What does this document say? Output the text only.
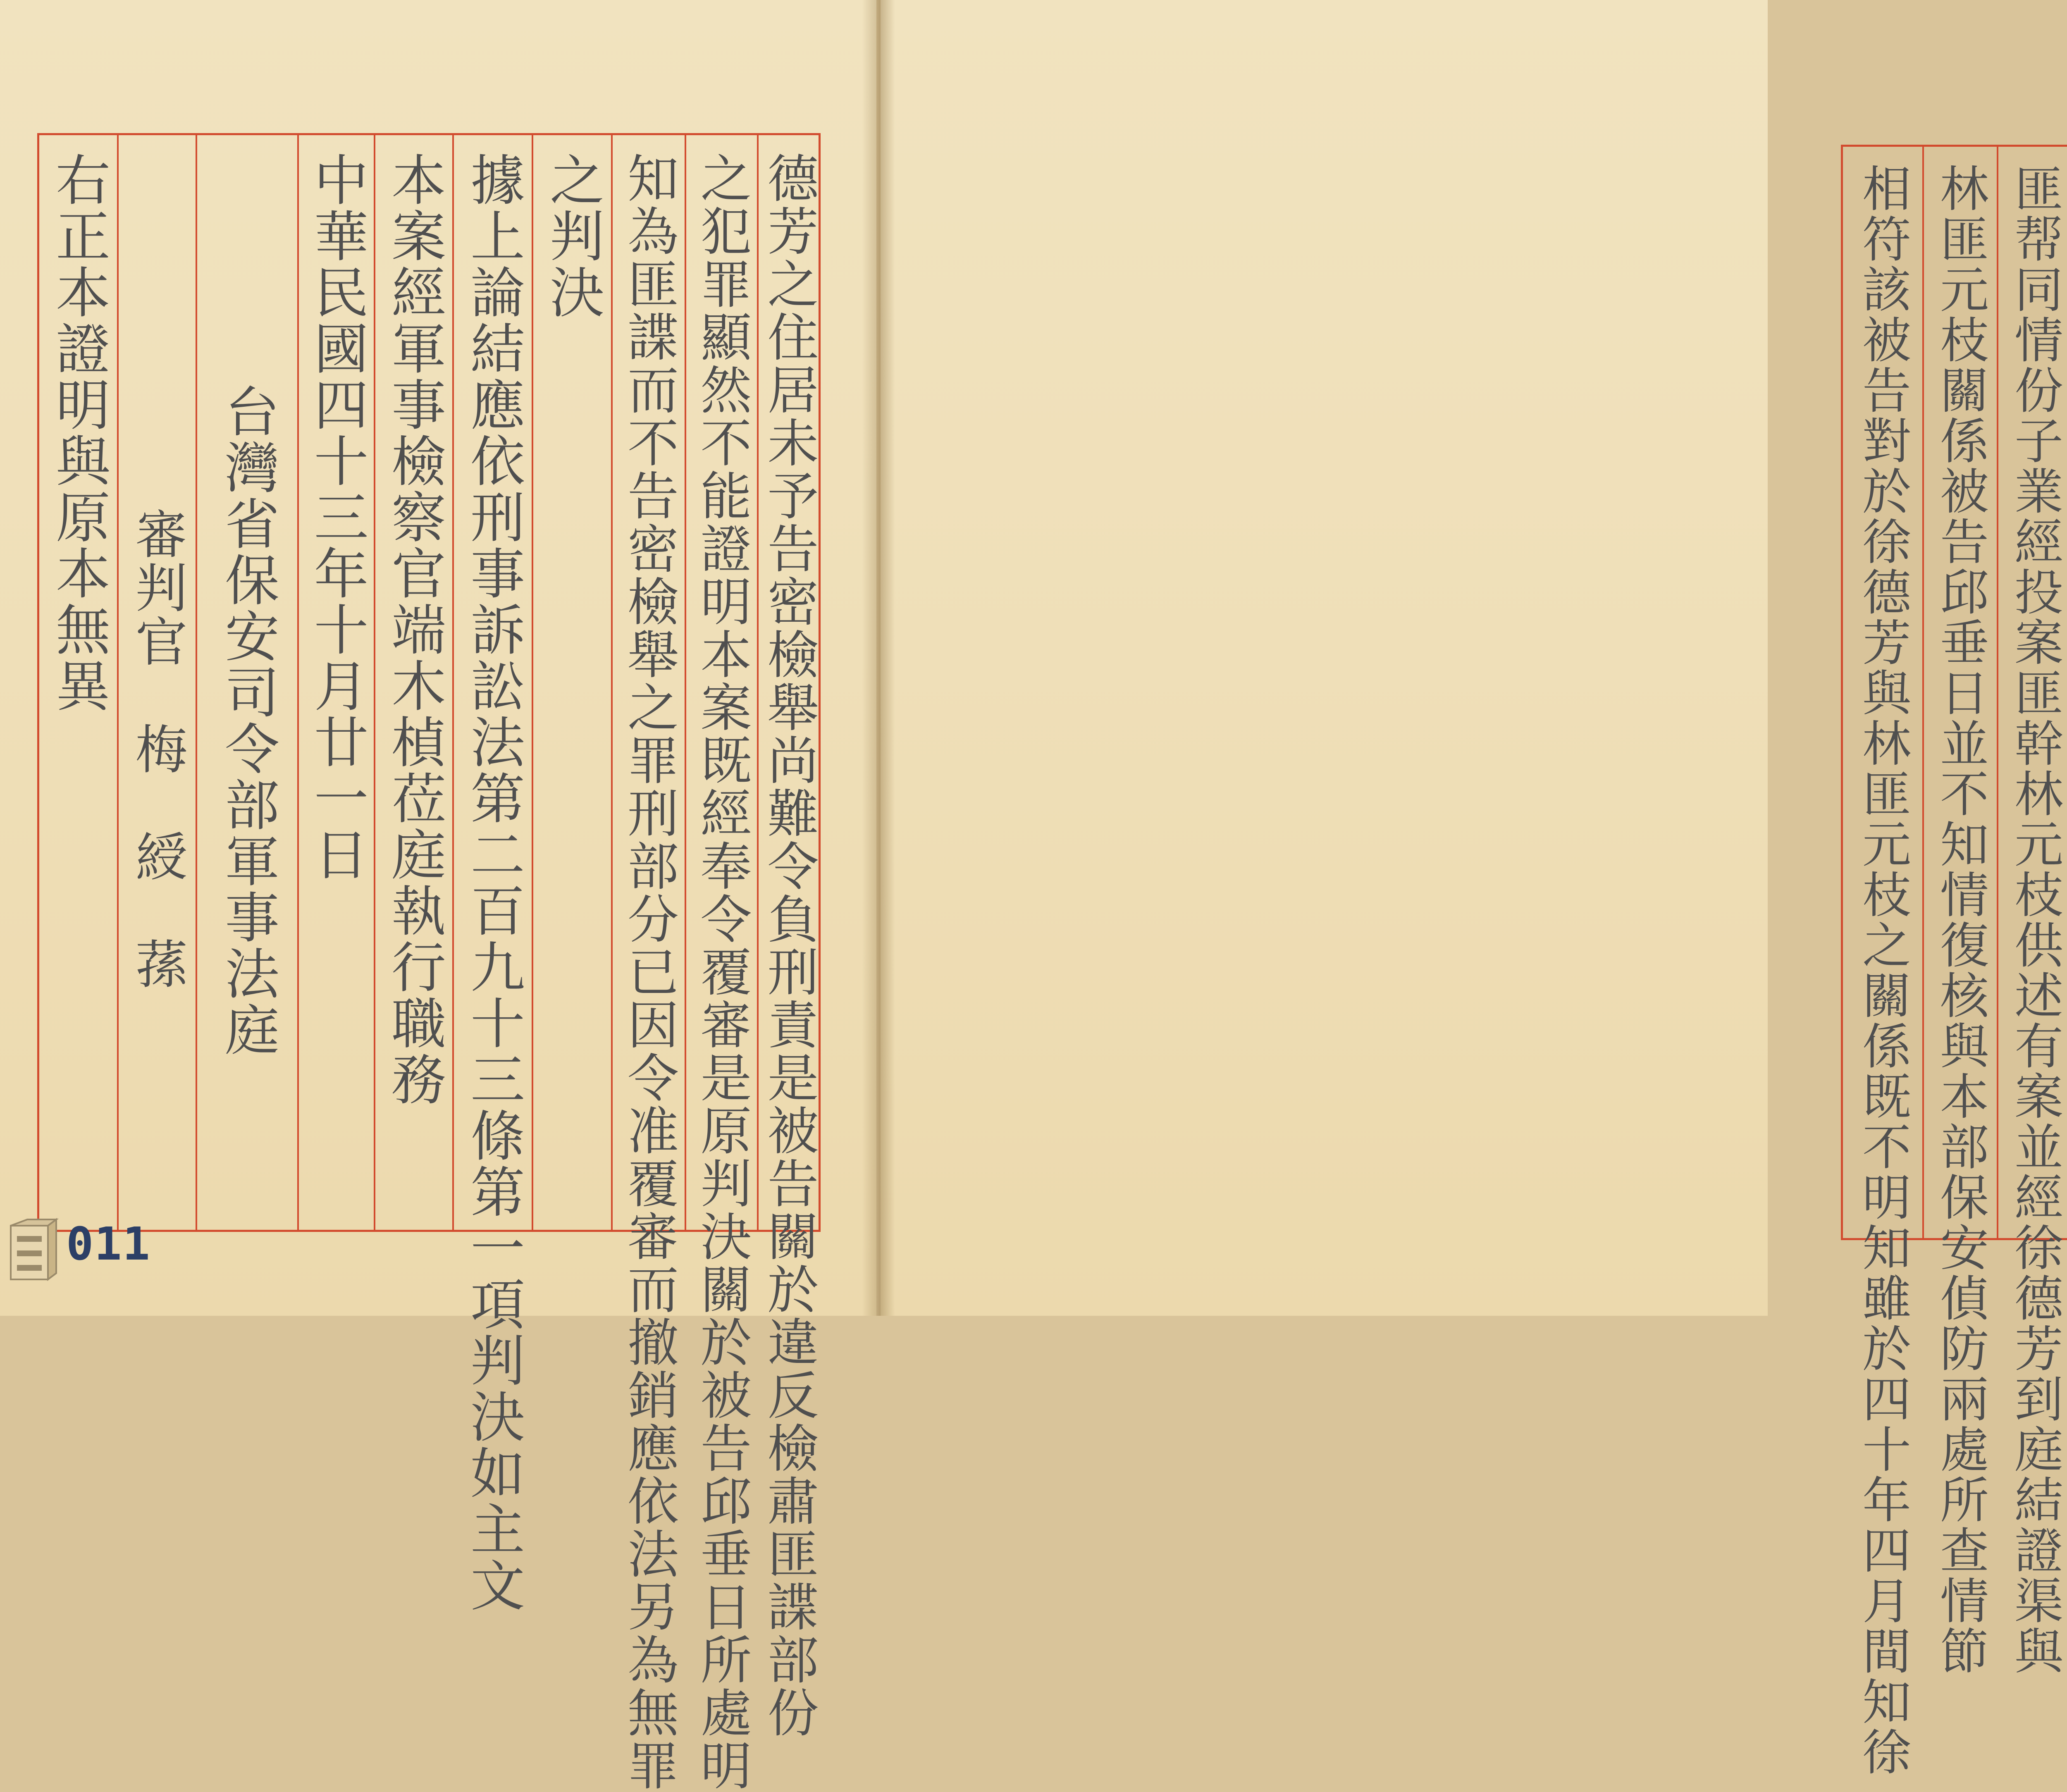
右正本證明與原本無異
審判官　梅　綬　蓀 台灣省保安司令部軍事法庭 中華民國四十三年十月廿一日 本案經軍事檢察官端木楨莅庭執行職務 據上論結應依刑事訴訟法第二百九十三條第一項判決如主文 之判決 知為匪諜而不告密檢舉之罪刑部分已因令准覆審而撤銷應依法另為無罪 之犯罪顯然不能證明本案既經奉令覆審是原判決關於被告邱垂日所處明 德芳之住居未予告密檢舉尚難令負刑責是被告關於違反檢肅匪諜部份
011	相符該被告對於徐德芳與林匪元枝之關係既不明知雖於四十年四月間知徐 林匪元枝關係被告邱垂日並不知情復核與本部保安偵防兩處所查情節 匪帮同情份子業經投案匪幹林元枝供述有案並經徐德芳到庭結證渠與
